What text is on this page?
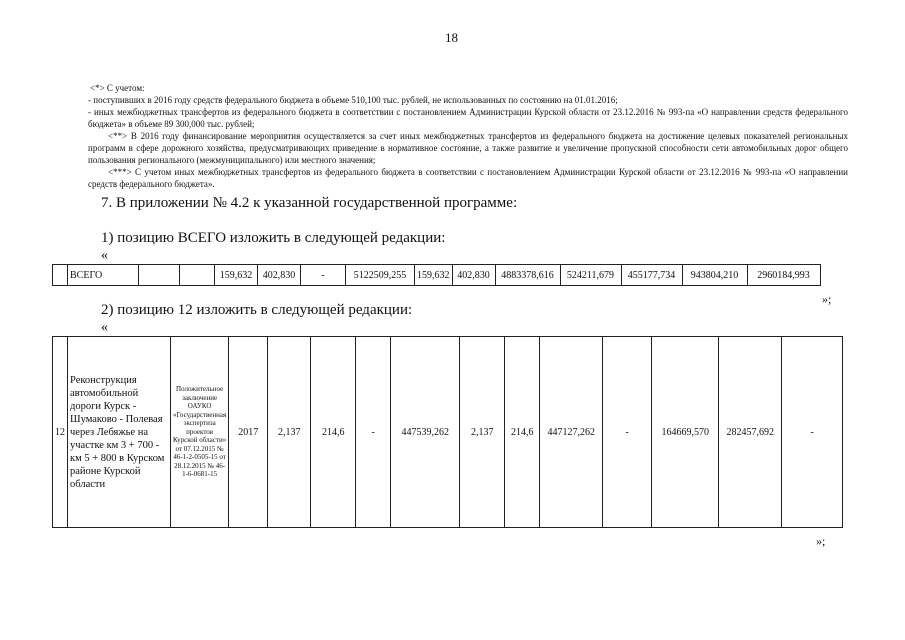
18

<*> С учетом:

- поступивших в 2016 году средств федерального бюджета в объеме 510,100 тыс. рублей, не использованных по состоянию на 01.01.2016;

- иных межбюджетных трансфертов из федерального бюджета в соответствии с постановлением Администрации Курской области от 23.12.2016 № 993-па «О направлении средств федерального бюджета» в объеме 89 300,000 тыс. рублей;

<**> В 2016 году финансирование мероприятия осуществляется за счет иных межбюджетных трансфертов из федерального бюджета на достижение целевых показателей региональных программ в сфере дорожного хозяйства, предусматривающих приведение в нормативное состояние, а также развитие и увеличение пропускной способности сети автомобильных дорог общего пользования регионального (межмуниципального) или местного значения;

<***> С учетом иных межбюджетных трансфертов из федерального бюджета в соответствии с постановлением Администрации Курской области от 23.12.2016 № 993-па «О направлении средств федерального бюджета».

7. В приложении № 4.2 к указанной государственной программе:
1) позицию ВСЕГО изложить в следующей редакции:
«
	ВСЕГО			159,632	402,830	-	5122509,255	159,632	402,830	4883378,616	524211,679	455177,734	943804,210	2960184,993
»;
2) позицию 12 изложить в следующей редакции:
«
12	Реконструкция автомобильной дороги Курск - Шумаково - Полевая через Лебяжье на участке км 3 + 700 - км 5 + 800 в Курском районе Курской области	Положительное заключение ОАУКО «Государственная экспертиза проектов Курской области» от 07.12.2015 № 46-1-2-0505-15 от 28.12.2015 № 46-1-6-0681-15	2017	2,137	214,6	-	447539,262	2,137	214,6	447127,262	-	164669,570	282457,692	-
»;
